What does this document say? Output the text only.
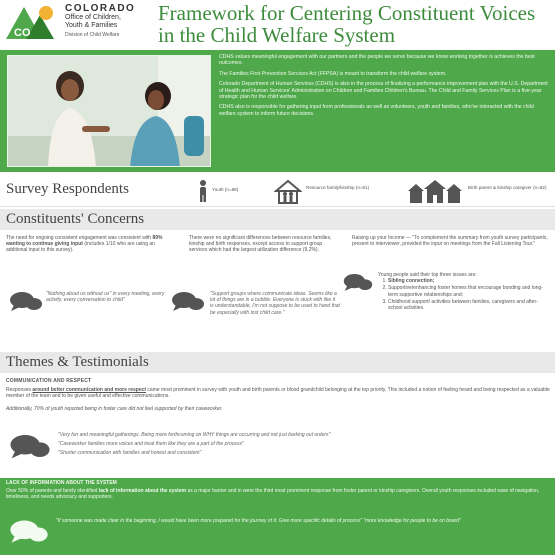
CO
COLORADO
Office of Children,
Youth & Families
Division of Child Welfare
Framework for Centering Constituent Voices in the Child Welfare System

CDHS values meaningful engagement with our partners and the people we serve because we know working together is achieves the best outcomes.

The Families First Prevention Services Act (FFPSA) is meant to transform the child welfare system.

Colorado Department of Human Services (CDHS) is also in the process of finalizing a performance improvement plan with the U.S. Department of Health and Human Services' Administration on Children and Families Children's Bureau. The Child and Family Services Plan is a five-year strategic plan for the child welfare.

CDHS also is responsible for gathering input from professionals as well as volunteers, youth and families, who've interacted with the child welfare system to inform future decisions.

Survey Respondents	Youth (n=88)	Resource family/kinship (n=81)	Birth parent & kinship caregiver (n=82)
Constituents' Concerns
The need for ongoing consistent engagement was consistent with 89% wanting to continue giving input (includes 1/10 who are using an additional input to this survey).
"Nothing about us without us" in every meeting, every activity, every conversation to child"
There were no significant differences between resource families, kinship and birth responses, except access to support group services which had the largest utilization difference (9.2%).
"Support groups where communicate ideas. Seems like a lot of things are in a bubble. Everyone is stuck with like it is understandable, I'm not suppose to be used to hand that be especially with lost child care."
Raising up your Income — "To complement the summary from youth survey participants, present to interviewer, provided the input on meetings from the Fall Listening Tour."
Young people said their top three issues are:
1. Sibling connection;
2. Supportive/enhancing foster homes that encourage bonding and long-term supportive relationships and;
3. Childhood support/ activities between families, caregivers and after-school activities.
Themes & Testimonials
COMMUNICATION AND RESPECT
Responses around better communication and more respect came most prominent in survey with youth and birth parents or blood grandchild belonging at the top priority. This included a notion of feeling heard and being respected as a valuable member of the team and to be given useful and effective communications.
Additionally, 70% of youth reported being in foster care did not feel supported by their caseworker.
"Very fun and meaningful gatherings. Being more forthcoming on WHY things are occurring and not just barking out orders"
"Caseworker families more voices and treat them like they are a part of the process"
"Shorter communication with families and honest and consistent"
LACK OF INFORMATION ABOUT THE SYSTEM
Over 50% of parents and family identified lack of information about the system as a major barrier and in were the third most prominent response from foster parent or kinship caregivers. Overall youth responses included ease of navigation, timeliness, and needs advocacy and supporters.
"If someone was made clear in the beginning, I would have been more prepared for the journey of it. Give more specific details of process" "more knowledge for people to be on board"
